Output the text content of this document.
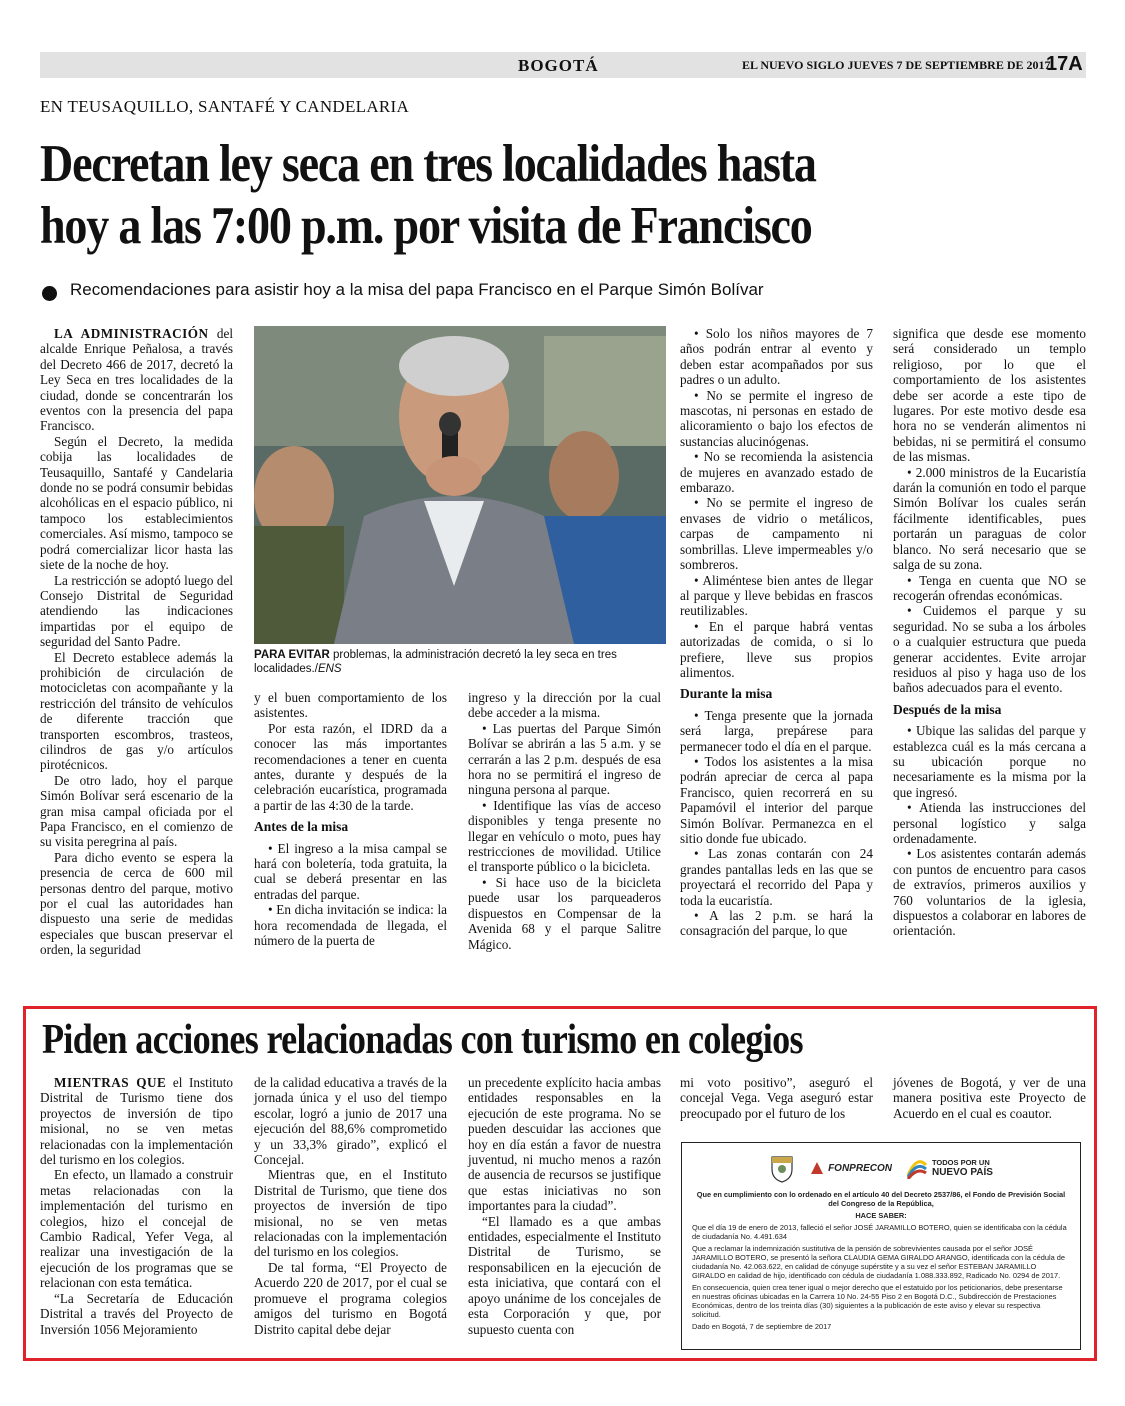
BOGOTÁ	EL NUEVO SIGLO JUEVES 7 DE SEPTIEMBRE DE 2017
17A
EN TEUSAQUILLO, SANTAFÉ Y CANDELARIA
Decretan ley seca en tres localidades hasta
hoy a las 7:00 p.m. por visita de Francisco
Recomendaciones para asistir hoy a la misa del papa Francisco en el Parque Simón Bolívar

LA ADMINISTRACIÓN del alcalde Enrique Peñalosa, a través del Decreto 466 de 2017, decretó la Ley Seca en tres localidades de la ciudad, donde se concentrarán los eventos con la presencia del papa Francisco.

Según el Decreto, la medida cobija las localidades de Teusaquillo, Santafé y Candelaria donde no se podrá consumir bebidas alcohólicas en el espacio público, ni tampoco los establecimientos comerciales. Así mismo, tampoco se podrá comercializar licor hasta las siete de la noche de hoy.

La restricción se adoptó luego del Consejo Distrital de Seguridad atendiendo las indicaciones impartidas por el equipo de seguridad del Santo Padre.

El Decreto establece además la prohibición de circulación de motocicletas con acompañante y la restricción del tránsito de vehículos de diferente tracción que transporten escombros, trasteos, cilindros de gas y/o artículos pirotécnicos.

De otro lado, hoy el parque Simón Bolívar será escenario de la gran misa campal oficiada por el Papa Francisco, en el comienzo de su visita peregrina al país.

Para dicho evento se espera la presencia de cerca de 600 mil personas dentro del parque, motivo por el cual las autoridades han dispuesto una serie de medidas especiales que buscan preservar el orden, la seguridad

PARA EVITAR problemas, la administración decretó la ley seca en tres localidades./ENS

y el buen comportamiento de los asistentes.

Por esta razón, el IDRD da a conocer las más importantes recomendaciones a tener en cuenta antes, durante y después de la celebración eucarística, programada a partir de las 4:30 de la tarde.

Antes de la misa

• El ingreso a la misa campal se hará con boletería, toda gratuita, la cual se deberá presentar en las entradas del parque.

• En dicha invitación se indica: la hora recomendada de llegada, el número de la puerta de

ingreso y la dirección por la cual debe acceder a la misma.

• Las puertas del Parque Simón Bolívar se abrirán a las 5 a.m. y se cerrarán a las 2 p.m. después de esa hora no se permitirá el ingreso de ninguna persona al parque.

• Identifique las vías de acceso disponibles y tenga presente no llegar en vehículo o moto, pues hay restricciones de movilidad. Utilice el transporte público o la bicicleta.

• Si hace uso de la bicicleta puede usar los parqueaderos dispuestos en Compensar de la Avenida 68 y el parque Salitre Mágico.

• Solo los niños mayores de 7 años podrán entrar al evento y deben estar acompañados por sus padres o un adulto.

• No se permite el ingreso de mascotas, ni personas en estado de alicoramiento o bajo los efectos de sustancias alucinógenas.

• No se recomienda la asistencia de mujeres en avanzado estado de embarazo.

• No se permite el ingreso de envases de vidrio o metálicos, carpas de campamento ni sombrillas. Lleve impermeables y/o sombreros.

• Aliméntese bien antes de llegar al parque y lleve bebidas en frascos reutilizables.

• En el parque habrá ventas autorizadas de comida, o si lo prefiere, lleve sus propios alimentos.

Durante la misa

• Tenga presente que la jornada será larga, prepárese para permanecer todo el día en el parque.

• Todos los asistentes a la misa podrán apreciar de cerca al papa Francisco, quien recorrerá en su Papamóvil el interior del parque Simón Bolívar. Permanezca en el sitio donde fue ubicado.

• Las zonas contarán con 24 grandes pantallas leds en las que se proyectará el recorrido del Papa y toda la eucaristía.

• A las 2 p.m. se hará la consagración del parque, lo que

significa que desde ese momento será considerado un templo religioso, por lo que el comportamiento de los asistentes debe ser acorde a este tipo de lugares. Por este motivo desde esa hora no se venderán alimentos ni bebidas, ni se permitirá el consumo de las mismas.

• 2.000 ministros de la Eucaristía darán la comunión en todo el parque Simón Bolívar los cuales serán fácilmente identificables, pues portarán un paraguas de color blanco. No será necesario que se salga de su zona.

• Tenga en cuenta que NO se recogerán ofrendas económicas.

• Cuidemos el parque y su seguridad. No se suba a los árboles o a cualquier estructura que pueda generar accidentes. Evite arrojar residuos al piso y haga uso de los baños adecuados para el evento.

Después de la misa

• Ubique las salidas del parque y establezca cuál es la más cercana a su ubicación porque no necesariamente es la misma por la que ingresó.

• Atienda las instrucciones del personal logístico y salga ordenadamente.

• Los asistentes contarán además con puntos de encuentro para casos de extravíos, primeros auxilios y 760 voluntarios de la iglesia, dispuestos a colaborar en labores de orientación.

Piden acciones relacionadas con turismo en colegios

MIENTRAS QUE el Instituto Distrital de Turismo tiene dos proyectos de inversión de tipo misional, no se ven metas relacionadas con la implementación del turismo en los colegios.

En efecto, un llamado a construir metas relacionadas con la implementación del turismo en colegios, hizo el concejal de Cambio Radical, Yefer Vega, al realizar una investigación de la ejecución de los programas que se relacionan con esta temática.

“La Secretaría de Educación Distrital a través del Proyecto de Inversión 1056 Mejoramiento

de la calidad educativa a través de la jornada única y el uso del tiempo escolar, logró a junio de 2017 una ejecución del 88,6% comprometido y un 33,3% girado”, explicó el Concejal.

Mientras que, en el Instituto Distrital de Turismo, que tiene dos proyectos de inversión de tipo misional, no se ven metas relacionadas con la implementación del turismo en los colegios.

De tal forma, “El Proyecto de Acuerdo 220 de 2017, por el cual se promueve el programa colegios amigos del turismo en Bogotá Distrito capital debe dejar

un precedente explícito hacia ambas entidades responsables en la ejecución de este programa. No se pueden descuidar las acciones que hoy en día están a favor de nuestra juventud, ni mucho menos a razón de ausencia de recursos se justifique que estas iniciativas no son importantes para la ciudad”.

“El llamado es a que ambas entidades, especialmente el Instituto Distrital de Turismo, se responsabilicen en la ejecución de esta iniciativa, que contará con el apoyo unánime de los concejales de esta Corporación y que, por supuesto cuenta con

mi voto positivo”, aseguró el concejal Vega. Vega aseguró estar preocupado por el futuro de los

jóvenes de Bogotá, y ver de una manera positiva este Proyecto de Acuerdo en el cual es coautor.

FONPRECON	TODOS POR UN
NUEVO PAÍS

Que en cumplimiento con lo ordenado en el artículo 40 del Decreto 2537/86, el Fondo de Previsión Social del Congreso de la República,

HACE SABER:

Que el día 19 de enero de 2013, falleció el señor JOSÉ JARAMILLO BOTERO, quien se identificaba con la cédula de ciudadanía No. 4.491.634

Que a reclamar la indemnización sustitutiva de la pensión de sobrevivientes causada por el señor JOSÉ JARAMILLO BOTERO, se presentó la señora CLAUDIA GEMA GIRALDO ARANGO, identificada con la cédula de ciudadanía No. 42.063.622, en calidad de cónyuge supérstite y a su vez el señor ESTEBAN JARAMILLO GIRALDO en calidad de hijo, identificado con cédula de ciudadanía 1.088.333.892, Radicado No. 0294 de 2017.

En consecuencia, quien crea tener igual o mejor derecho que el estatuido por los peticionarios, debe presentarse en nuestras oficinas ubicadas en la Carrera 10 No. 24-55 Piso 2 en Bogotá D.C., Subdirección de Prestaciones Económicas, dentro de los treinta días (30) siguientes a la publicación de este aviso y elevar su respectiva solicitud.

Dado en Bogotá, 7 de septiembre de 2017
